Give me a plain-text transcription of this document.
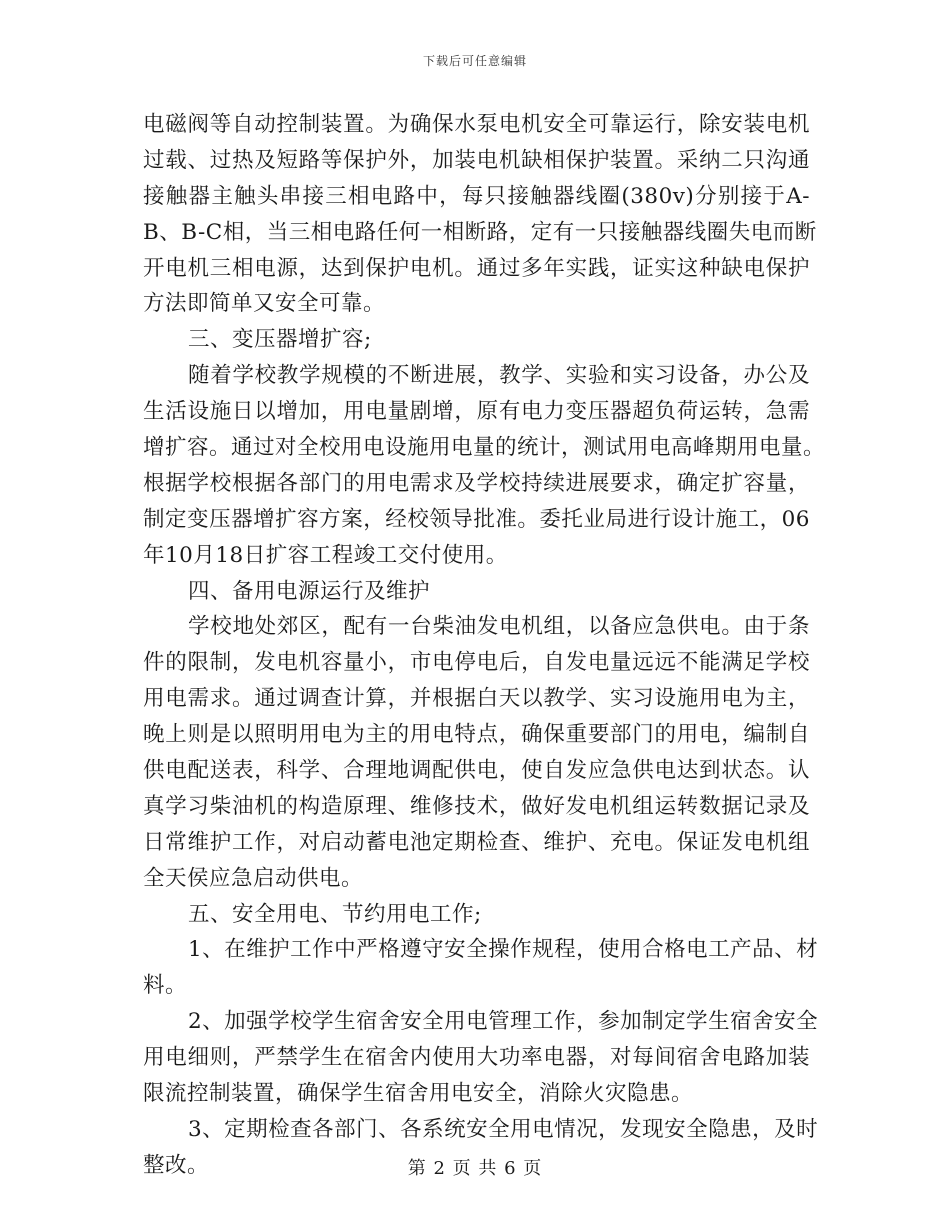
下载后可任意编辑
电磁阀等自动控制装置。为确保水泵电机安全可靠运行，除安装电机
过载、过热及短路等保护外，加装电机缺相保护装置。采纳二只沟通
接触器主触头串接三相电路中，每只接触器线圈(380v)分别接于A-
B、B-C相，当三相电路任何一相断路，定有一只接触器线圈失电而断
开电机三相电源，达到保护电机。通过多年实践，证实这种缺电保护
方法即简单又安全可靠。
三、变压器增扩容;
随着学校教学规模的不断进展，教学、实验和实习设备，办公及
生活设施日以增加，用电量剧增，原有电力变压器超负荷运转，急需
增扩容。通过对全校用电设施用电量的统计，测试用电高峰期用电量。
根据学校根据各部门的用电需求及学校持续进展要求，确定扩容量，
制定变压器增扩容方案，经校领导批准。委托业局进行设计施工，06
年10月18日扩容工程竣工交付使用。
四、备用电源运行及维护
学校地处郊区，配有一台柴油发电机组，以备应急供电。由于条
件的限制，发电机容量小，市电停电后，自发电量远远不能满足学校
用电需求。通过调查计算，并根据白天以教学、实习设施用电为主，
晚上则是以照明用电为主的用电特点，确保重要部门的用电，编制自
供电配送表，科学、合理地调配供电，使自发应急供电达到状态。认
真学习柴油机的构造原理、维修技术，做好发电机组运转数据记录及
日常维护工作，对启动蓄电池定期检查、维护、充电。保证发电机组
全天侯应急启动供电。
五、安全用电、节约用电工作;
1、在维护工作中严格遵守安全操作规程，使用合格电工产品、材
料。
2、加强学校学生宿舍安全用电管理工作，参加制定学生宿舍安全
用电细则，严禁学生在宿舍内使用大功率电器，对每间宿舍电路加装
限流控制装置，确保学生宿舍用电安全，消除火灾隐患。
3、定期检查各部门、各系统安全用电情况，发现安全隐患，及时
整改。	第 2 页 共 6 页
